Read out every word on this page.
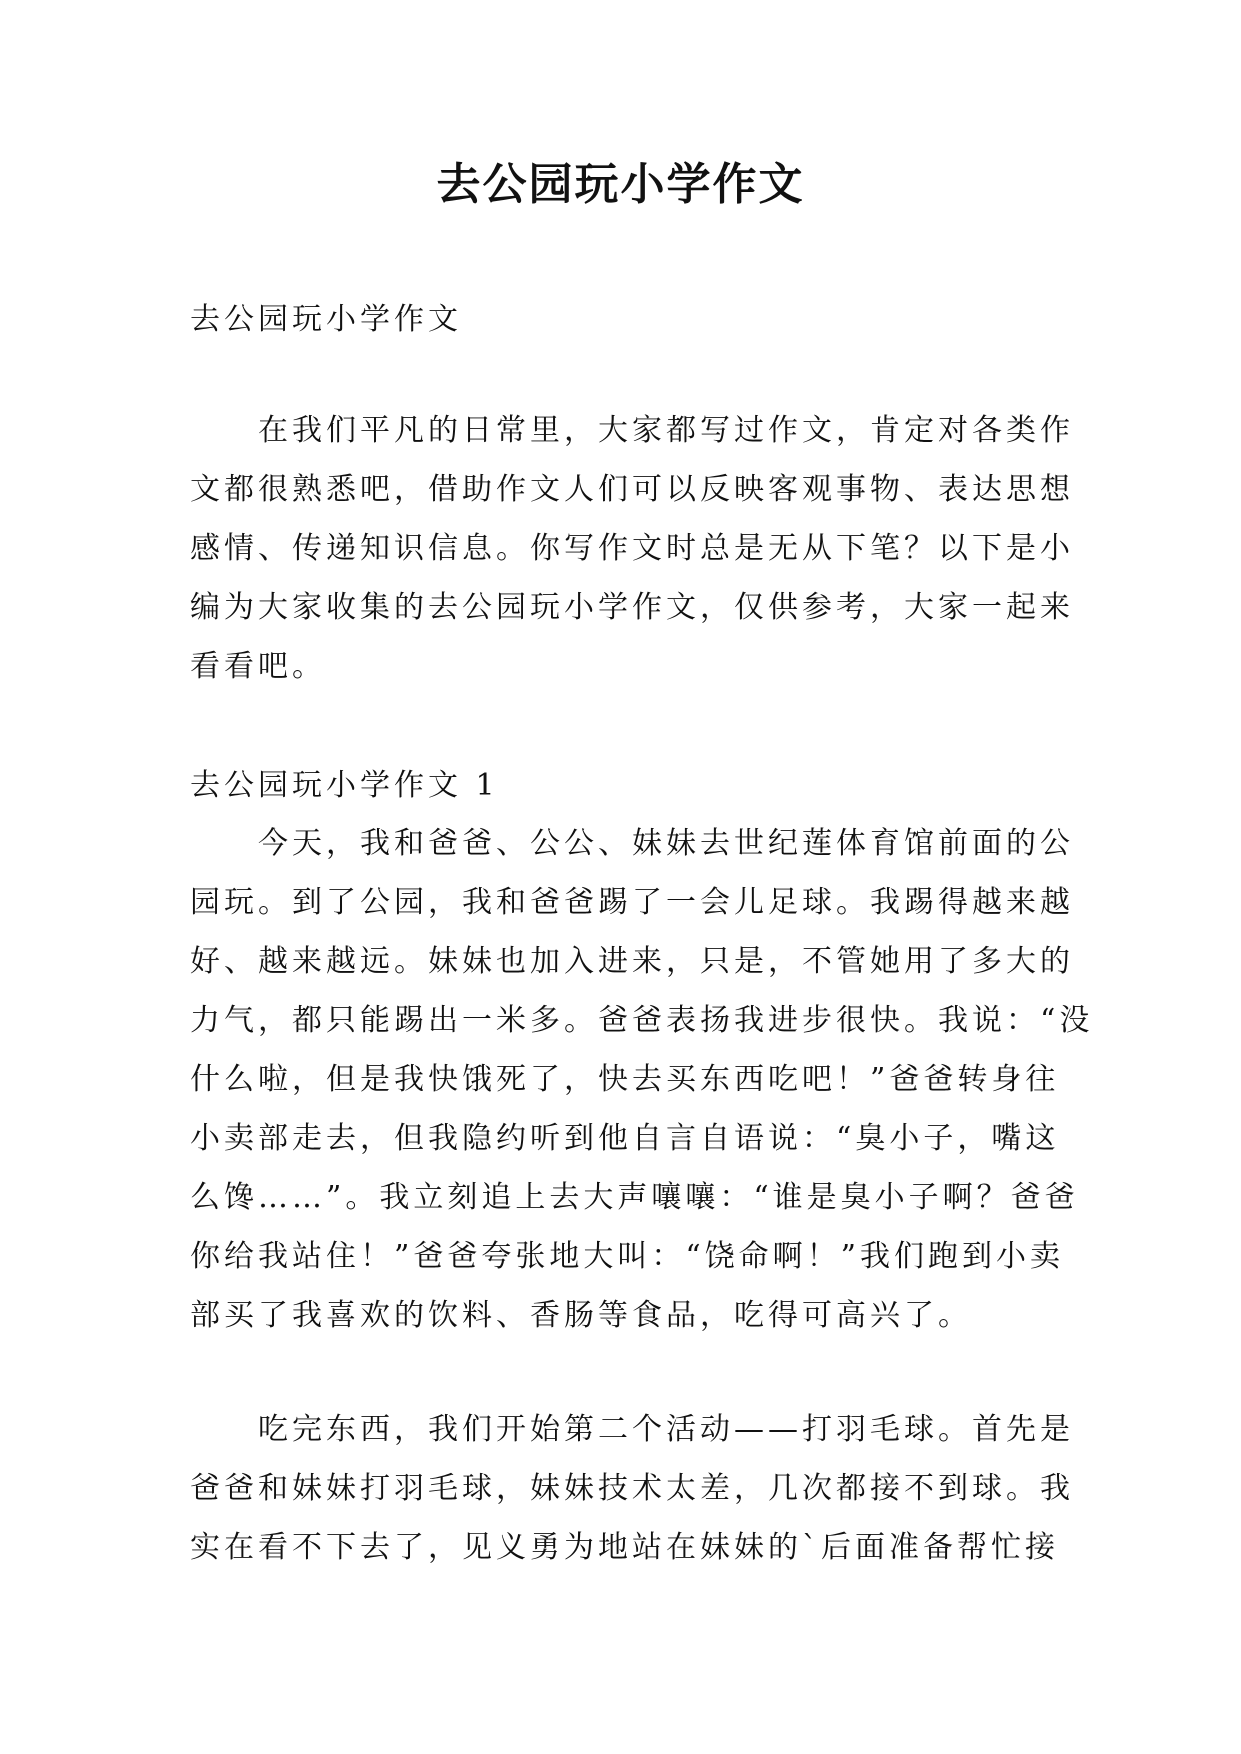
去公园玩小学作文
去公园玩小学作文
在我们平凡的日常里，大家都写过作文，肯定对各类作
文都很熟悉吧，借助作文人们可以反映客观事物、表达思想
感情、传递知识信息。你写作文时总是无从下笔？以下是小
编为大家收集的去公园玩小学作文，仅供参考，大家一起来
看看吧。
去公园玩小学作文 1
今天，我和爸爸、公公、妹妹去世纪莲体育馆前面的公
园玩。到了公园，我和爸爸踢了一会儿足球。我踢得越来越
好、越来越远。妹妹也加入进来，只是，不管她用了多大的
力气，都只能踢出一米多。爸爸表扬我进步很快。我说：“没
什么啦，但是我快饿死了，快去买东西吃吧！”爸爸转身往
小卖部走去，但我隐约听到他自言自语说：“臭小子，嘴这
么馋……”。我立刻追上去大声嚷嚷：“谁是臭小子啊？爸爸
你给我站住！”爸爸夸张地大叫：“饶命啊！”我们跑到小卖
部买了我喜欢的饮料、香肠等食品，吃得可高兴了。
吃完东西，我们开始第二个活动——打羽毛球。首先是
爸爸和妹妹打羽毛球，妹妹技术太差，几次都接不到球。我
实在看不下去了，见义勇为地站在妹妹的`后面准备帮忙接
